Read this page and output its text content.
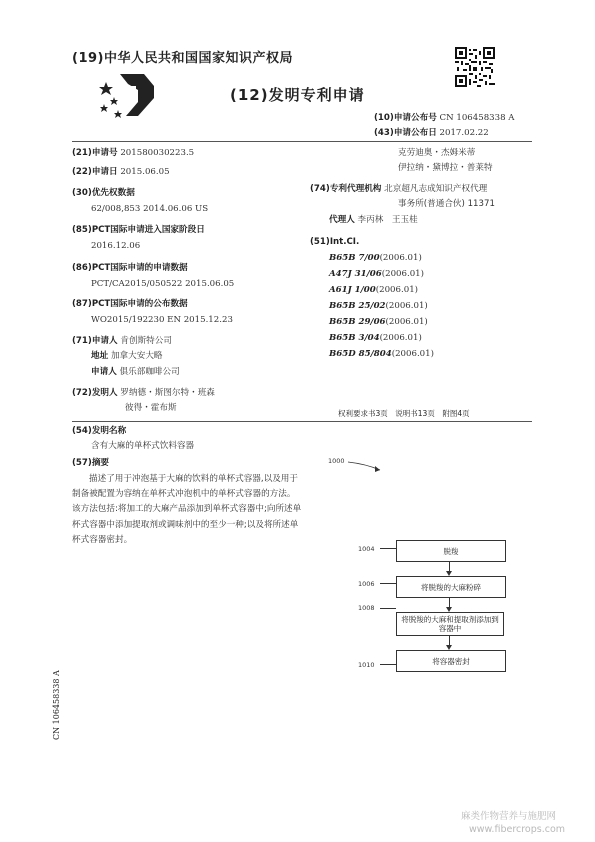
(19)中华人民共和国国家知识产权局
(12)发明专利申请
(10)申请公布号 CN 106458338 A
(43)申请公布日 2017.02.22
(21)申请号 201580030223.5
(22)申请日 2015.06.05
(30)优先权数据
62/008,853 2014.06.06 US
(85)PCT国际申请进入国家阶段日
2016.12.06
(86)PCT国际申请的申请数据
PCT/CA2015/050522 2015.06.05
(87)PCT国际申请的公布数据
WO2015/192230 EN 2015.12.23
(71)申请人 肯创斯特公司
地址 加拿大安大略
申请人 俱乐部咖啡公司
(72)发明人 罗纳德・斯图尔特・班森
彼得・霍布斯
克劳迪奥・杰姆米蒂
伊拉纳・黛博拉・普莱特
(74)专利代理机构 北京超凡志成知识产权代理
事务所(普通合伙) 11371
代理人 李丙林　王玉桂
(51)Int.CI.
B65B 7/00(2006.01)
A47J 31/06(2006.01)
A61J 1/00(2006.01)
B65B 25/02(2006.01)
B65B 29/06(2006.01)
B65B 3/04(2006.01)
B65D 85/804(2006.01)
权利要求书3页　说明书13页　附图4页
(54)发明名称
含有大麻的单杯式饮料容器
(57)摘要
描述了用于冲泡基于大麻的饮料的单杯式容器,以及用于制备被配置为容纳在单杯式冲泡机中的单杯式容器的方法。该方法包括:将加工的大麻产品添加到单杯式容器中;向所述单杯式容器中添加提取剂或调味剂中的至少一种;以及将所述单杯式容器密封。
1000
1004	脱羧
1006	将脱羧的大麻粉碎
1008
将脱羧的大麻和提取剂添加到容器中
1010	将容器密封
CN 106458338 A
麻类作物营养与施肥网
www.fibercrops.com
